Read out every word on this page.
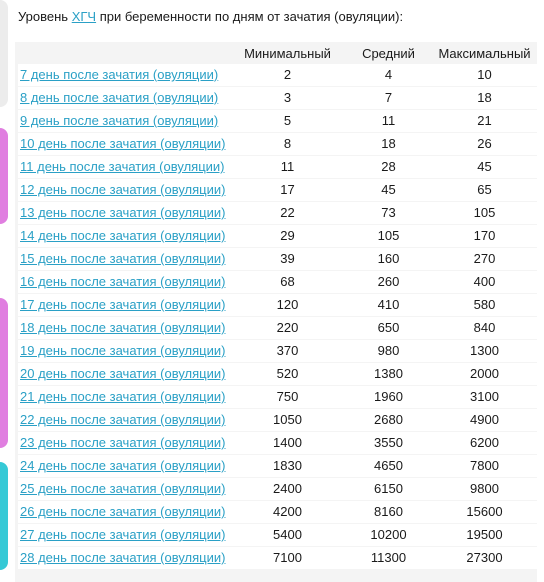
Уровень ХГЧ при беременности по дням от зачатия (овуляции):
	Минимальный	Средний	Максимальный
7 день после зачатия (овуляции)	2	4	10
8 день после зачатия (овуляции)	3	7	18
9 день после зачатия (овуляции)	5	11	21
10 день после зачатия (овуляции)	8	18	26
11 день после зачатия (овуляции)	11	28	45
12 день после зачатия (овуляции)	17	45	65
13 день после зачатия (овуляции)	22	73	105
14 день после зачатия (овуляции)	29	105	170
15 день после зачатия (овуляции)	39	160	270
16 день после зачатия (овуляции)	68	260	400
17 день после зачатия (овуляции)	120	410	580
18 день после зачатия (овуляции)	220	650	840
19 день после зачатия (овуляции)	370	980	1300
20 день после зачатия (овуляции)	520	1380	2000
21 день после зачатия (овуляции)	750	1960	3100
22 день после зачатия (овуляции)	1050	2680	4900
23 день после зачатия (овуляции)	1400	3550	6200
24 день после зачатия (овуляции)	1830	4650	7800
25 день после зачатия (овуляции)	2400	6150	9800
26 день после зачатия (овуляции)	4200	8160	15600
27 день после зачатия (овуляции)	5400	10200	19500
28 день после зачатия (овуляции)	7100	11300	27300
